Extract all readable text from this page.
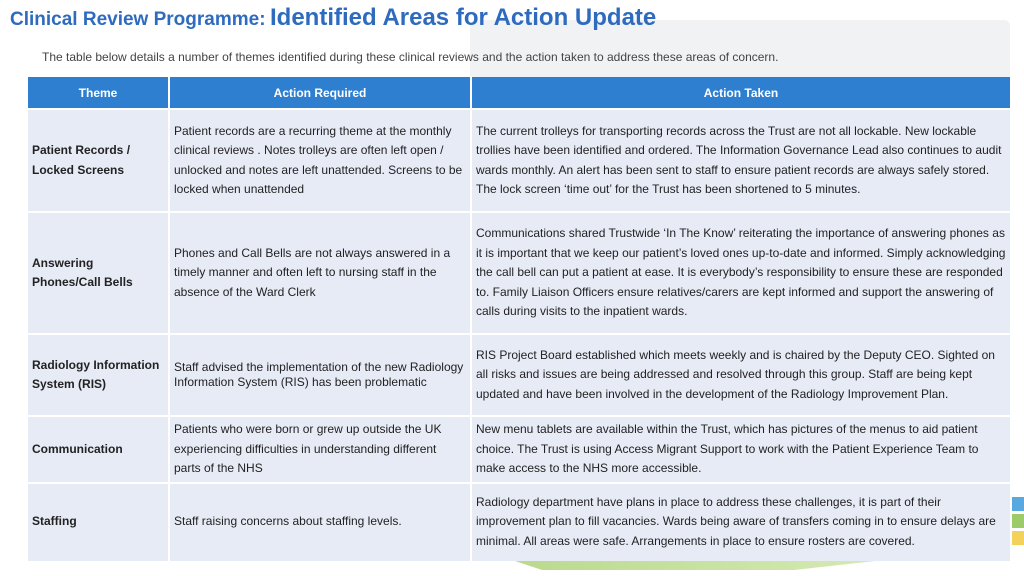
Clinical Review Programme: Identified Areas for Action Update
The table below details a number of themes identified during these clinical reviews and the action taken to address these areas of concern.
Theme	Action Required	Action Taken
Patient Records / Locked Screens	Patient records are a recurring theme at the monthly clinical reviews . Notes trolleys are often left open / unlocked and notes are left unattended. Screens to be locked when unattended	The current trolleys for transporting records across the Trust are not all lockable. New lockable trollies have been identified and ordered. The Information Governance Lead also continues to audit wards monthly. An alert has been sent to staff to ensure patient records are always safely stored. The lock screen ‘time out’ for the Trust has been shortened to 5 minutes.
Answering Phones/Call Bells	Phones and Call Bells are not always answered in a timely manner and often left to nursing staff in the absence of the Ward Clerk	Communications shared Trustwide ‘In The Know’ reiterating the importance of answering phones as it is important that we keep our patient’s loved ones up-to-date and informed. Simply acknowledging the call bell can put a patient at ease. It is everybody’s responsibility to ensure these are responded to. Family Liaison Officers ensure relatives/carers are kept informed and support the answering of calls during visits to the inpatient wards.
Radiology Information System (RIS)	Staff advised the implementation of the new Radiology Information System (RIS) has been problematic	RIS Project Board established which meets weekly and is chaired by the Deputy CEO. Sighted on all risks and issues are being addressed and resolved through this group. Staff are being kept updated and have been involved in the development of the Radiology Improvement Plan.
Communication	Patients who were born or grew up outside the UK experiencing difficulties in understanding different parts of the NHS	New menu tablets are available within the Trust, which has pictures of the menus to aid patient choice. The Trust is using Access Migrant Support to work with the Patient Experience Team to make access to the NHS more accessible.
Staffing	Staff raising concerns about staffing levels.	Radiology department have plans in place to address these challenges, it is part of their improvement plan to fill vacancies. Wards being aware of transfers coming in to ensure delays are minimal. All areas were safe. Arrangements in place to ensure rosters are covered.
